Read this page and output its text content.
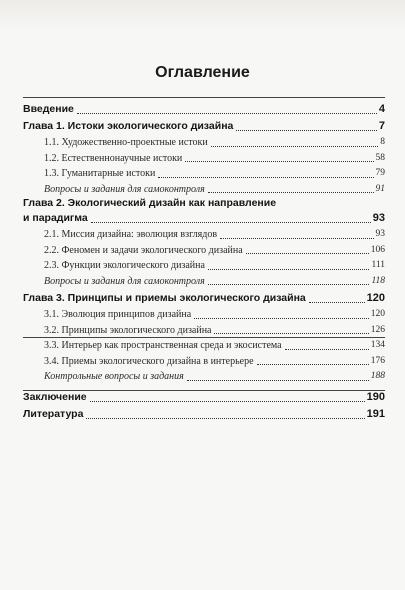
Оглавление
Введение	4
Глава 1. Истоки экологического дизайна	7
1.1. Художественно-проектные истоки	8
1.2. Естественнонаучные истоки	58
1.3. Гуманитарные истоки	79
Вопросы и задания для самоконтроля	91
Глава 2. Экологический дизайн как направление
и парадигма	93
2.1. Миссия дизайна: эволюция взглядов	93
2.2. Феномен и задачи экологического дизайна	106
2.3. Функции экологического дизайна	111
Вопросы и задания для самоконтроля	118
Глава 3. Принципы и приемы экологического дизайна	120
3.1. Эволюция принципов дизайна	120
3.2. Принципы экологического дизайна	126
3.3. Интерьер как пространственная среда и экосистема	134
3.4. Приемы экологического дизайна в интерьере	176
Контрольные вопросы и задания	188
Заключение	190
Литература	191
